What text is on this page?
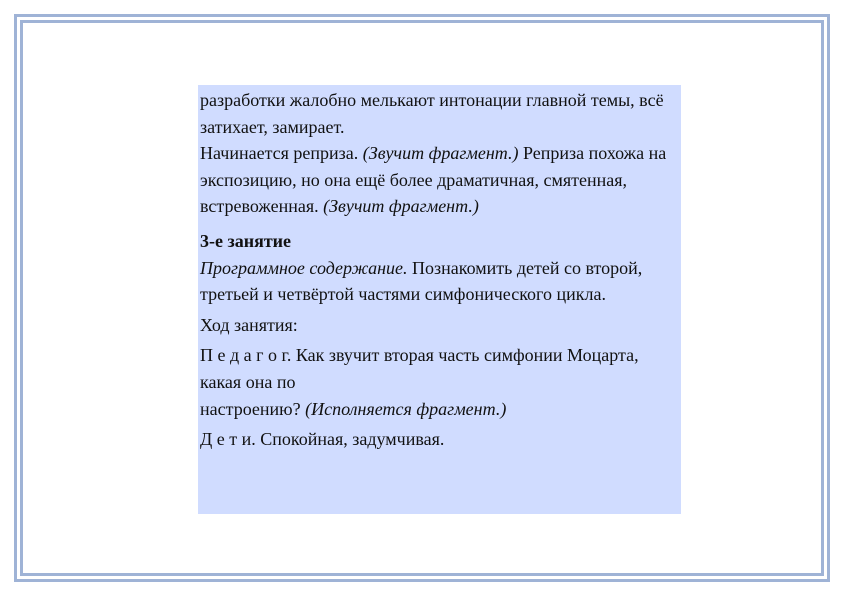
разработки жалобно мелькают интонации главной темы, всё затихает, замирает.

Начинается реприза. (Звучит фрагмент.) Реприза похожа на экспозицию, но она ещё более драматичная, смятенная, встревоженная. (Звучит фрагмент.)

3-е занятие

Программное содержание. Познакомить детей со второй, третьей и четвёртой частями симфонического цикла.

Ход занятия:

П е д а г о г. Как звучит вторая часть симфонии Моцарта, какая она по
настроению? (Исполняется фрагмент.)

Д е т и. Спокойная, задумчивая.
